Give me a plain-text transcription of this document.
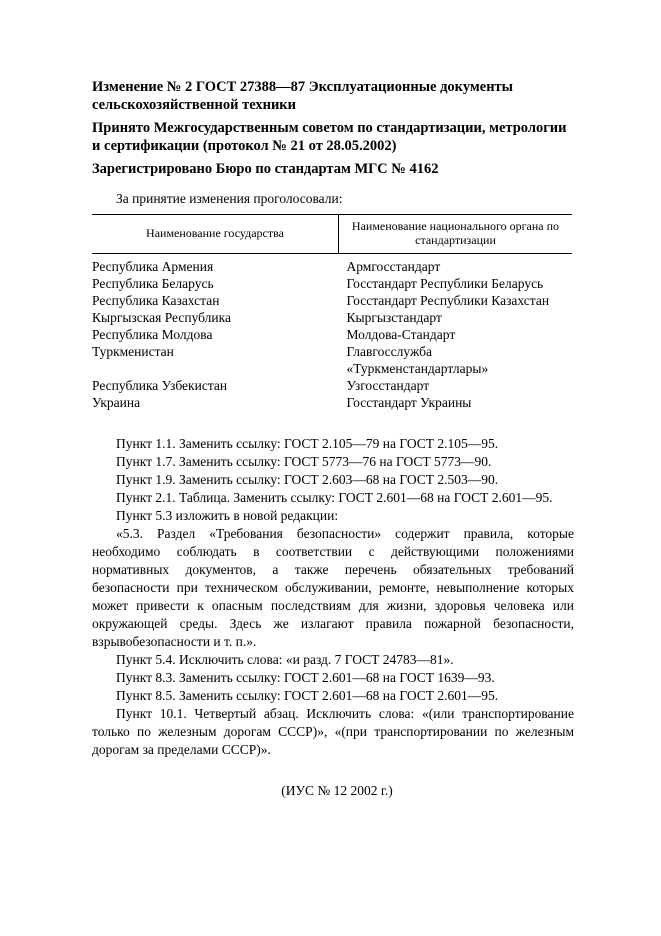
Изменение № 2 ГОСТ 27388—87 Эксплуатационные документы сельскохозяйственной техники

Принято Межгосударственным советом по стандартизации, метрологии и сертификации (протокол № 21 от 28.05.2002)

Зарегистрировано Бюро по стандартам МГС № 4162

За принятие изменения проголосовали:

Наименование государства	Наименование национального органа по стандартизации
Республика Армения	Армгосстандарт
Республика Беларусь	Госстандарт Республики Беларусь
Республика Казахстан	Госстандарт Республики Казахстан
Кыргызская Республика	Кыргызстандарт
Республика Молдова	Молдова-Стандарт
Туркменистан	Главгосслужба «Туркменстандартлары»
Республика Узбекистан	Узгосстандарт
Украина	Госстандарт Украины

Пункт 1.1. Заменить ссылку: ГОСТ 2.105—79 на ГОСТ 2.105—95.

Пункт 1.7. Заменить ссылку: ГОСТ 5773—76 на ГОСТ 5773—90.

Пункт 1.9. Заменить ссылку: ГОСТ 2.603—68 на ГОСТ 2.503—90.

Пункт 2.1. Таблица. Заменить ссылку: ГОСТ 2.601—68 на ГОСТ 2.601—95.

Пункт 5.3 изложить в новой редакции:

«5.3. Раздел «Требования безопасности» содержит правила, которые необходимо соблюдать в соответствии с действующими положениями нормативных документов, а также перечень обязательных требований безопасности при техническом обслуживании, ремонте, невыполнение которых может привести к опасным последствиям для жизни, здоровья человека или окружающей среды. Здесь же излагают правила пожарной безопасности, взрывобезопасности и т. п.».

Пункт 5.4. Исключить слова: «и разд. 7 ГОСТ 24783—81».

Пункт 8.3. Заменить ссылку: ГОСТ 2.601—68 на ГОСТ 1639—93.

Пункт 8.5. Заменить ссылку: ГОСТ 2.601—68 на ГОСТ 2.601—95.

Пункт 10.1. Четвертый абзац. Исключить слова: «(или транспортирование только по железным дорогам СССР)», «(при транспортировании по железным дорогам за пределами СССР)».

(ИУС № 12 2002 г.)
